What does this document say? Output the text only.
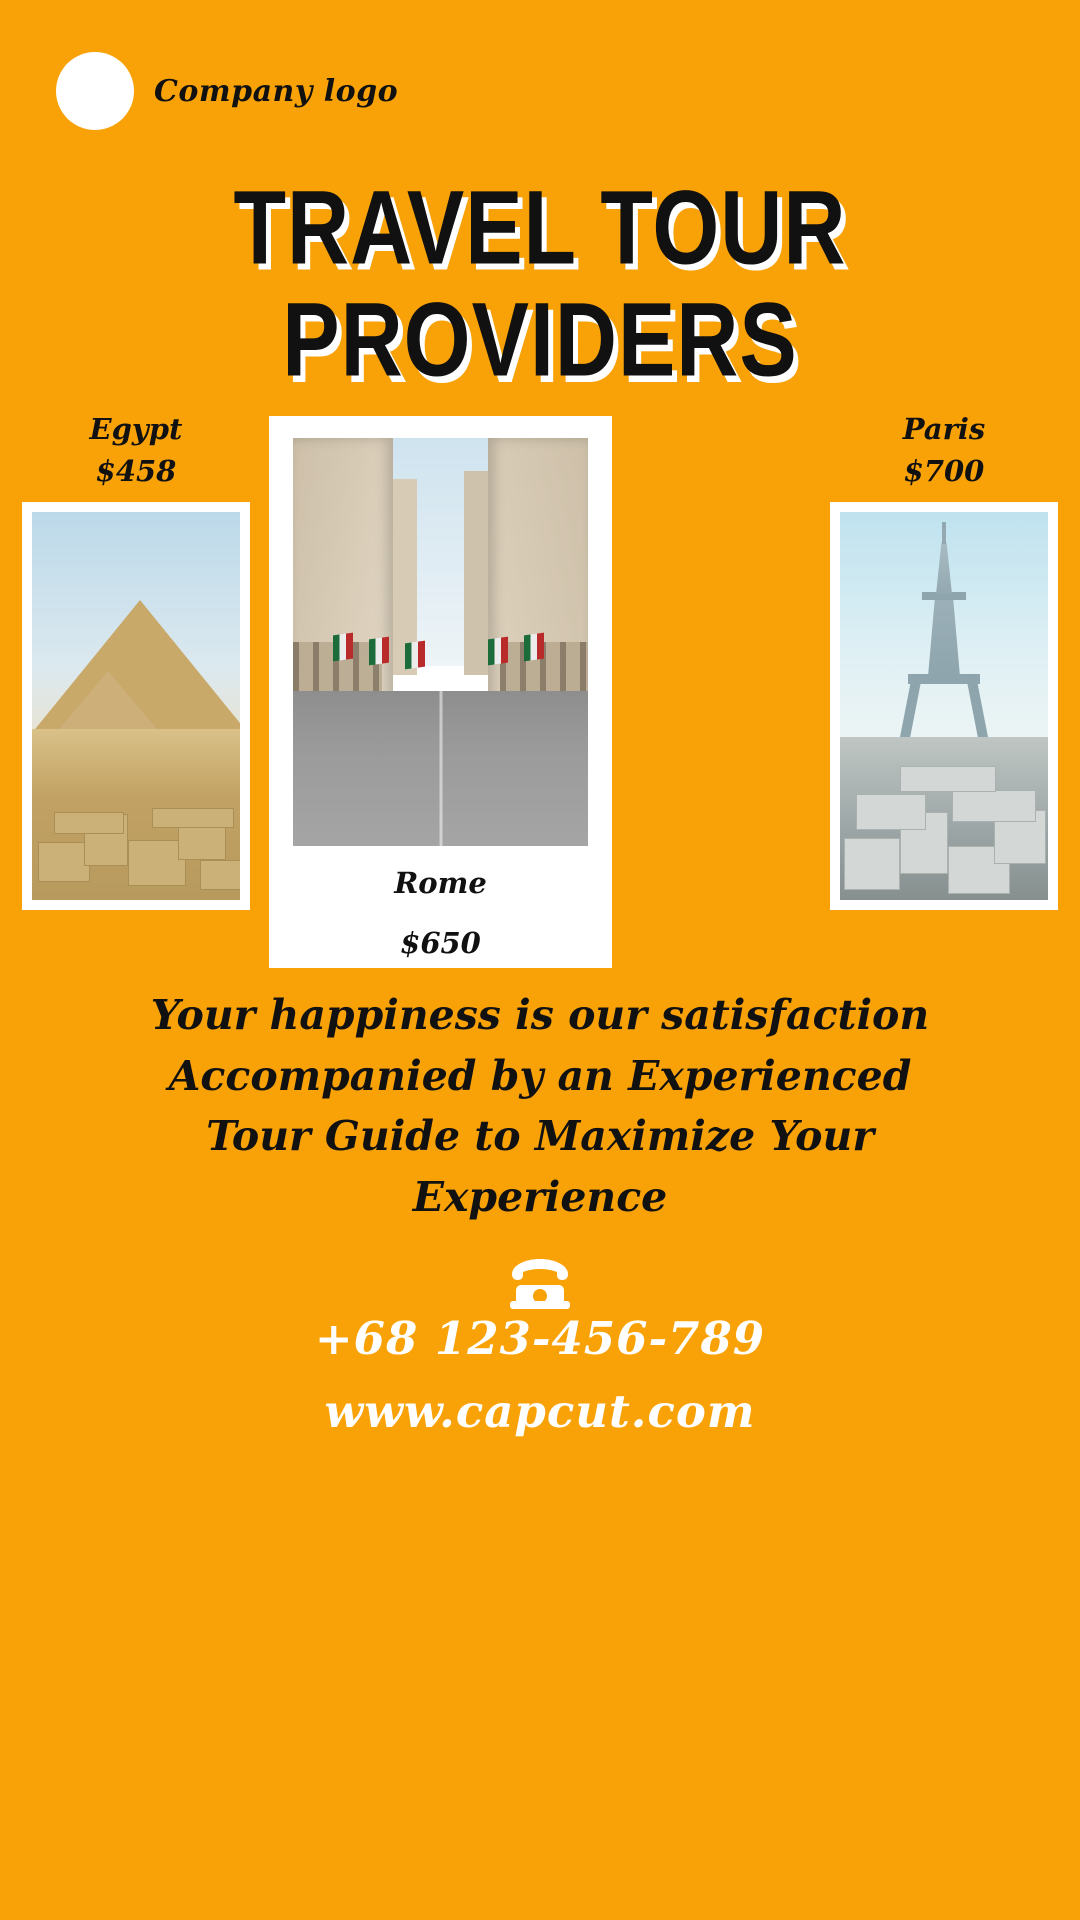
Company logo
TRAVEL TOUR
PROVIDERS
Egypt
$458
Rome
$650
Paris
$700
Your happiness is our satisfaction
Accompanied by an Experienced
Tour Guide to Maximize Your
Experience
+68 123-456-789
www.capcut.com
